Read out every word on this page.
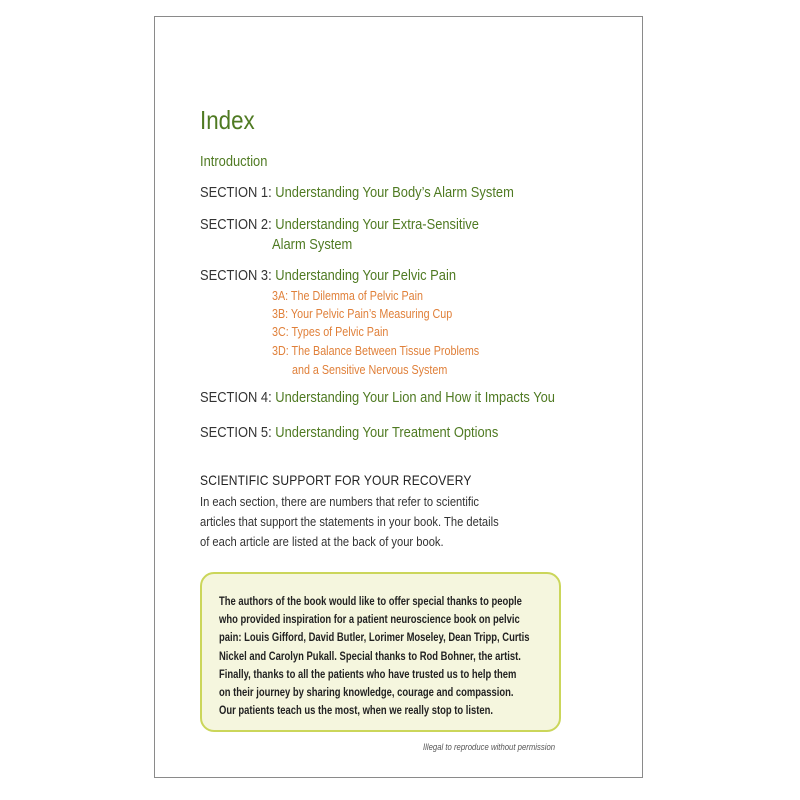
Index
Introduction
SECTION 1: Understanding Your Body’s Alarm System
SECTION 2: Understanding Your Extra-Sensitive
Alarm System
SECTION 3: Understanding Your Pelvic Pain
3A: The Dilemma of Pelvic Pain
3B: Your Pelvic Pain’s Measuring Cup
3C: Types of Pelvic Pain
3D: The Balance Between Tissue Problems
and a Sensitive Nervous System
SECTION 4: Understanding Your Lion and How it Impacts You
SECTION 5: Understanding Your Treatment Options
SCIENTIFIC SUPPORT FOR YOUR RECOVERY
In each section, there are numbers that refer to scientific
articles that support the statements in your book. The details
of each article are listed at the back of your book.
The authors of the book would like to offer special thanks to people
who provided inspiration for a patient neuroscience book on pelvic
pain: Louis Gifford, David Butler, Lorimer Moseley, Dean Tripp, Curtis
Nickel and Carolyn Pukall. Special thanks to Rod Bohner, the artist.
Finally, thanks to all the patients who have trusted us to help them
on their journey by sharing knowledge, courage and compassion.
Our patients teach us the most, when we really stop to listen.
Illegal to reproduce without permission
